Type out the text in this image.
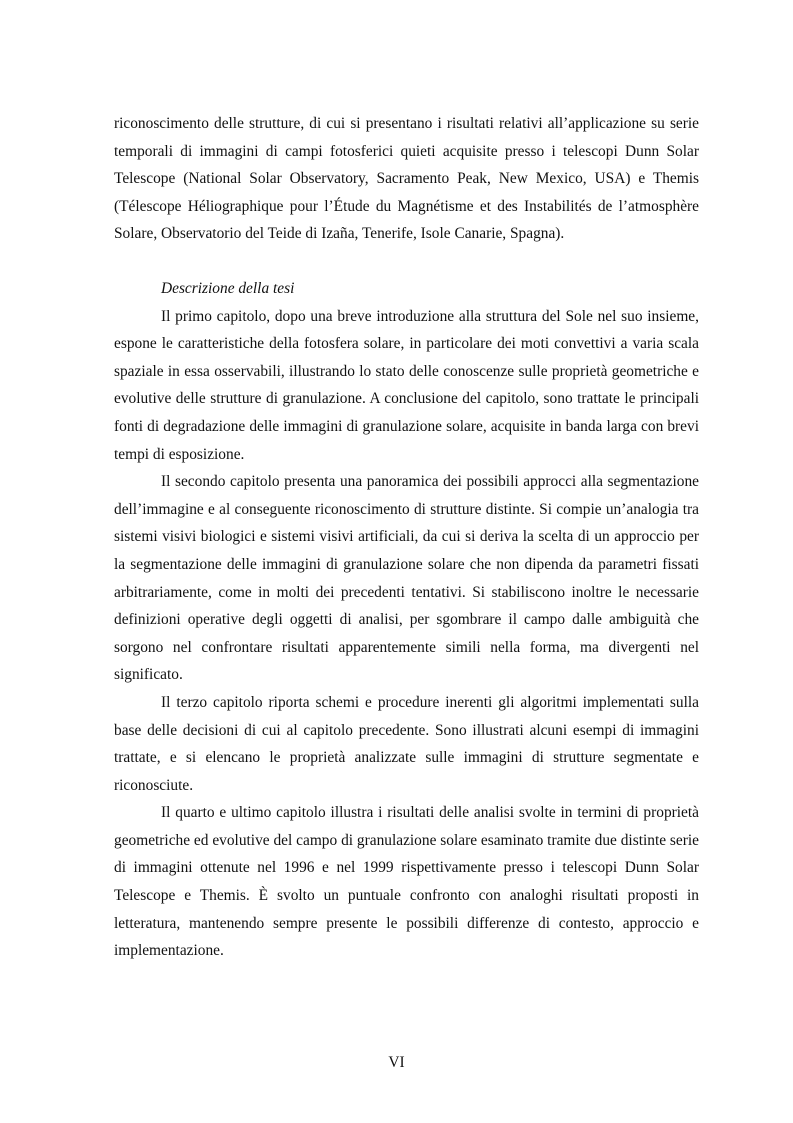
riconoscimento delle strutture, di cui si presentano i risultati relativi all’applicazione su serie temporali di immagini di campi fotosferici quieti acquisite presso i telescopi Dunn Solar Telescope (National Solar Observatory, Sacramento Peak, New Mexico, USA) e Themis (Télescope Héliographique pour l’Étude du Magnétisme et des Instabilités de l’atmosphère Solare, Observatorio del Teide di Izaña, Tenerife, Isole Canarie, Spagna).

Descrizione della tesi

Il primo capitolo, dopo una breve introduzione alla struttura del Sole nel suo insieme, espone le caratteristiche della fotosfera solare, in particolare dei moti convettivi a varia scala spaziale in essa osservabili, illustrando lo stato delle conoscenze sulle proprietà geometriche e evolutive delle strutture di granulazione. A conclusione del capitolo, sono trattate le principali fonti di degradazione delle immagini di granulazione solare, acquisite in banda larga con brevi tempi di esposizione.

Il secondo capitolo presenta una panoramica dei possibili approcci alla segmentazione dell’immagine e al conseguente riconoscimento di strutture distinte. Si compie un’analogia tra sistemi visivi biologici e sistemi visivi artificiali, da cui si deriva la scelta di un approccio per la segmentazione delle immagini di granulazione solare che non dipenda da parametri fissati arbitrariamente, come in molti dei precedenti tentativi. Si stabiliscono inoltre le necessarie definizioni operative degli oggetti di analisi, per sgombrare il campo dalle ambiguità che sorgono nel confrontare risultati apparentemente simili nella forma, ma divergenti nel significato.

Il terzo capitolo riporta schemi e procedure inerenti gli algoritmi implementati sulla base delle decisioni di cui al capitolo precedente. Sono illustrati alcuni esempi di immagini trattate, e si elencano le proprietà analizzate sulle immagini di strutture segmentate e riconosciute.

Il quarto e ultimo capitolo illustra i risultati delle analisi svolte in termini di proprietà geometriche ed evolutive del campo di granulazione solare esaminato tramite due distinte serie di immagini ottenute nel 1996 e nel 1999 rispettivamente presso i telescopi Dunn Solar Telescope e Themis. È svolto un puntuale confronto con analoghi risultati proposti in letteratura, mantenendo sempre presente le possibili differenze di contesto, approccio e implementazione.

VI
